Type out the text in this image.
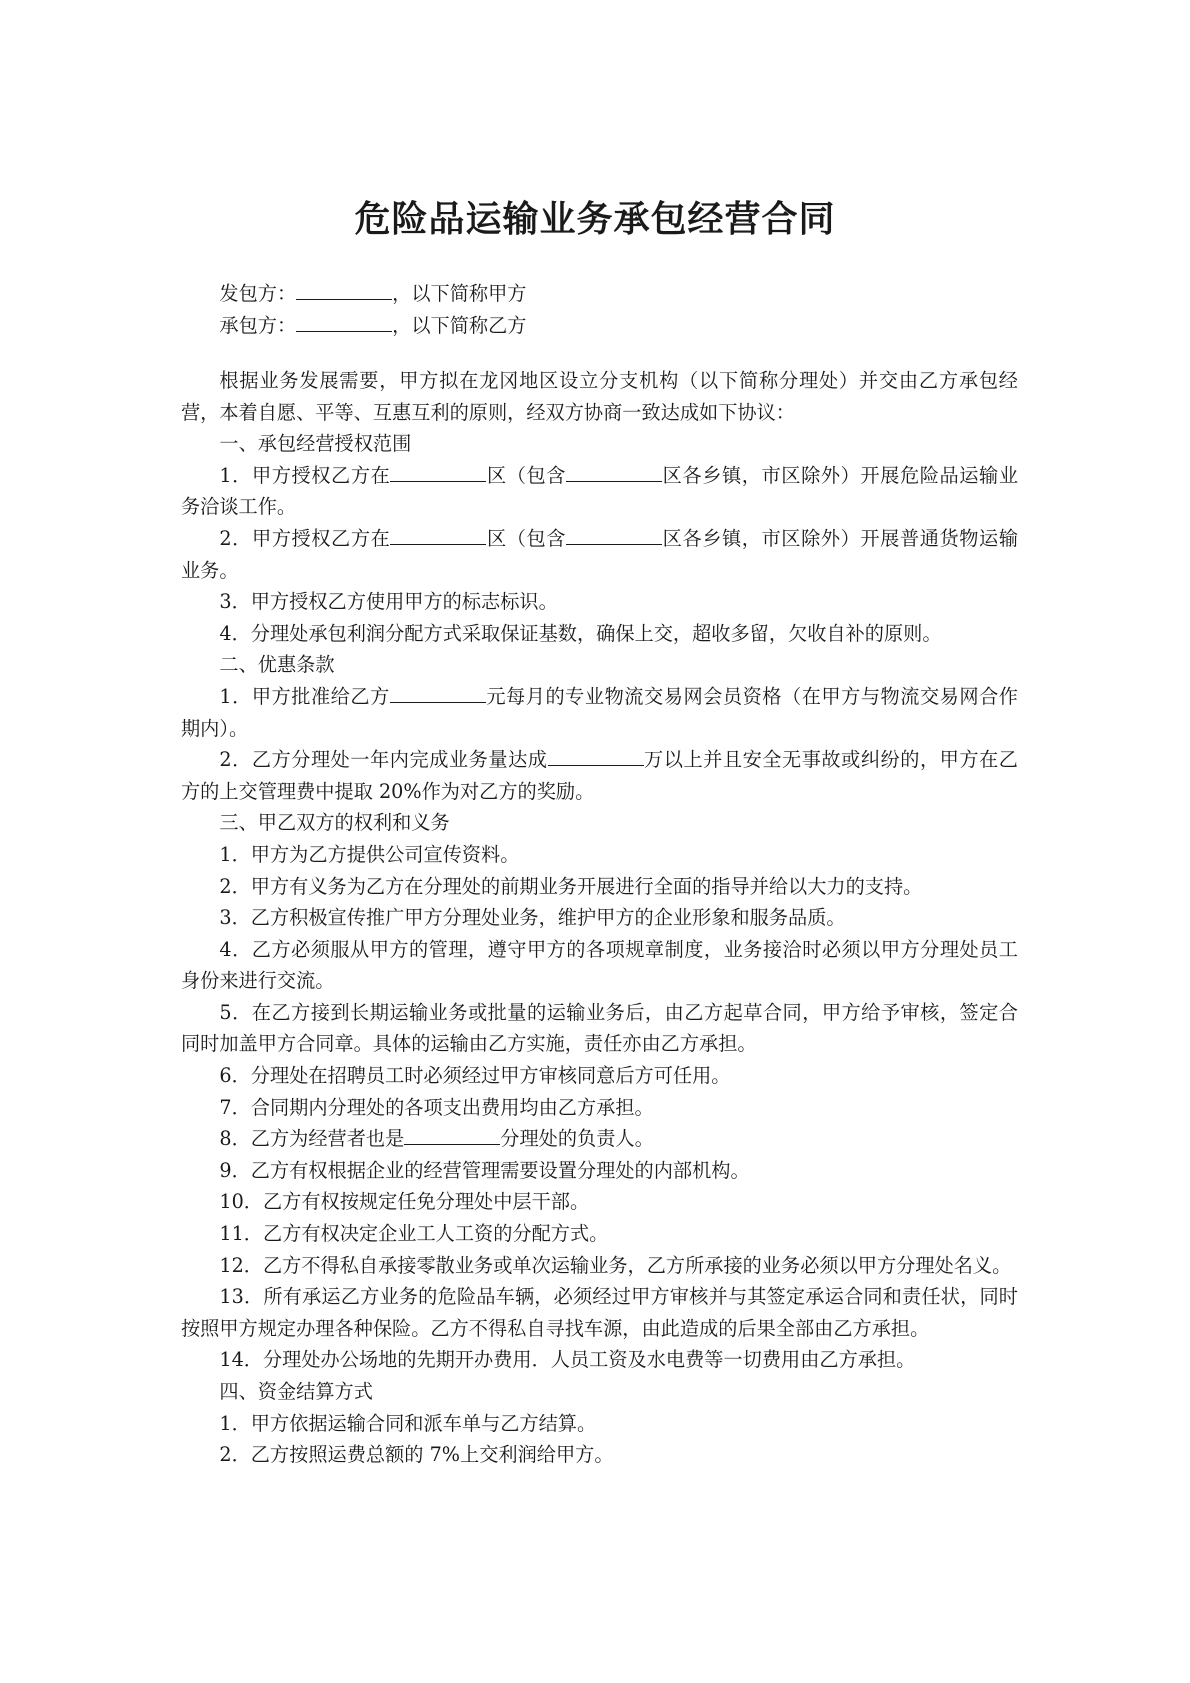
危险品运输业务承包经营合同

发包方：	，以下简称甲方

承包方：	，以下简称乙方

根据业务发展需要，甲方拟在龙冈地区设立分支机构（以下简称分理处）并交由乙方承包经营，本着自愿、平等、互惠互利的原则，经双方协商一致达成如下协议：

一、承包经营授权范围

1．甲方授权乙方在	区（包含	区各乡镇，市区除外）开展危险品运输业务洽谈工作。

2．甲方授权乙方在	区（包含	区各乡镇，市区除外）开展普通货物运输业务。

3．甲方授权乙方使用甲方的标志标识。

4．分理处承包利润分配方式采取保证基数，确保上交，超收多留，欠收自补的原则。

二、优惠条款

1．甲方批准给乙方	元每月的专业物流交易网会员资格（在甲方与物流交易网合作期内）。

2．乙方分理处一年内完成业务量达成	万以上并且安全无事故或纠纷的，甲方在乙方的上交管理费中提取 20%作为对乙方的奖励。

三、甲乙双方的权利和义务

1．甲方为乙方提供公司宣传资料。

2．甲方有义务为乙方在分理处的前期业务开展进行全面的指导并给以大力的支持。

3．乙方积极宣传推广甲方分理处业务，维护甲方的企业形象和服务品质。

4．乙方必须服从甲方的管理，遵守甲方的各项规章制度，业务接洽时必须以甲方分理处员工身份来进行交流。

5．在乙方接到长期运输业务或批量的运输业务后，由乙方起草合同，甲方给予审核，签定合同时加盖甲方合同章。具体的运输由乙方实施，责任亦由乙方承担。

6．分理处在招聘员工时必须经过甲方审核同意后方可任用。

7．合同期内分理处的各项支出费用均由乙方承担。

8．乙方为经营者也是	分理处的负责人。

9．乙方有权根据企业的经营管理需要设置分理处的内部机构。

10．乙方有权按规定任免分理处中层干部。

11．乙方有权决定企业工人工资的分配方式。

12．乙方不得私自承接零散业务或单次运输业务，乙方所承接的业务必须以甲方分理处名义。

13．所有承运乙方业务的危险品车辆，必须经过甲方审核并与其签定承运合同和责任状，同时按照甲方规定办理各种保险。乙方不得私自寻找车源，由此造成的后果全部由乙方承担。

14．分理处办公场地的先期开办费用．人员工资及水电费等一切费用由乙方承担。

四、资金结算方式

1．甲方依据运输合同和派车单与乙方结算。

2．乙方按照运费总额的 7%上交利润给甲方。
